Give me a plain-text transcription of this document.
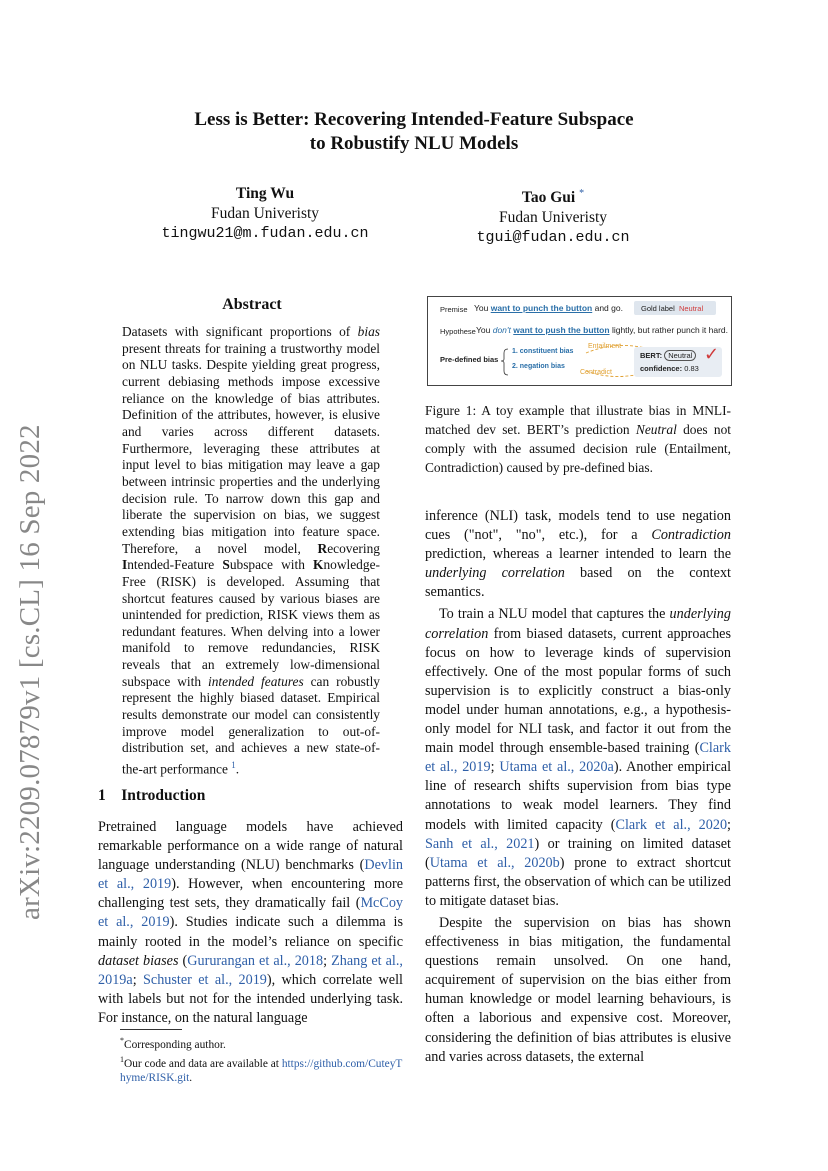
arXiv:2209.07879v1 [cs.CL] 16 Sep 2022
Less is Better: Recovering Intended-Feature Subspace
to Robustify NLU Models
Ting Wu
Fudan Univeristy
tingwu21@m.fudan.edu.cn
Tao Gui *
Fudan Univeristy
tgui@fudan.edu.cn
Abstract
Datasets with significant proportions of bias present threats for training a trustworthy model on NLU tasks. Despite yielding great progress, current debiasing methods impose excessive reliance on the knowledge of bias attributes. Definition of the attributes, however, is elusive and varies across different datasets. Furthermore, leveraging these attributes at input level to bias mitigation may leave a gap between intrinsic properties and the underlying decision rule. To narrow down this gap and liberate the supervision on bias, we suggest extending bias mitigation into feature space. Therefore, a novel model, Recovering Intended-Feature Subspace with Knowledge-Free (RISK) is developed. Assuming that shortcut features caused by various biases are unintended for prediction, RISK views them as redundant features. When delving into a lower manifold to remove redundancies, RISK reveals that an extremely low-dimensional subspace with intended features can robustly represent the highly biased dataset. Empirical results demonstrate our model can consistently improve model generalization to out-of-distribution set, and achieves a new state-of-the-art performance $^1$.
1 Introduction
Pretrained language models have achieved remarkable performance on a wide range of natural language understanding (NLU) benchmarks (Devlin et al., 2019). However, when encountering more challenging test sets, they dramatically fail (McCoy et al., 2019). Studies indicate such a dilemma is mainly rooted in the model’s reliance on specific dataset biases (Gururangan et al., 2018; Zhang et al., 2019a; Schuster et al., 2019), which correlate well with labels but not for the intended underlying task. For instance, on the natural language
*Corresponding author.
$^1$Our code and data are available at https://github.com/CuteyThyme/RISK.git.
Premise You want to punch the button and go. Gold label Neutral
Hypothese You don't want to push the button lightly, but rather punch it hard.
Pre-defined bias
1. constituent bias
2. negation bias
Entailment
Contradict
BERT: Neutral
confidence: 0.83
✓
Figure 1: A toy example that illustrate bias in MNLI-matched dev set. BERT’s prediction Neutral does not comply with the assumed decision rule (Entailment, Contradiction) caused by pre-defined bias.

inference (NLI) task, models tend to use negation cues ("not", "no", etc.), for a Contradiction prediction, whereas a learner intended to learn the underlying correlation based on the context semantics.

To train a NLU model that captures the underlying correlation from biased datasets, current approaches focus on how to leverage kinds of supervision effectively. One of the most popular forms of such supervision is to explicitly construct a bias-only model under human annotations, e.g., a hypothesis-only model for NLI task, and factor it out from the main model through ensemble-based training (Clark et al., 2019; Utama et al., 2020a). Another empirical line of research shifts supervision from bias type annotations to weak model learners. They find models with limited capacity (Clark et al., 2020; Sanh et al., 2021) or training on limited dataset (Utama et al., 2020b) prone to extract shortcut patterns first, the observation of which can be utilized to mitigate dataset bias.

Despite the supervision on bias has shown effectiveness in bias mitigation, the fundamental questions remain unsolved. On one hand, acquirement of supervision on the bias either from human knowledge or model learning behaviours, is often a laborious and expensive cost. Moreover, considering the definition of bias attributes is elusive and varies across datasets, the external
